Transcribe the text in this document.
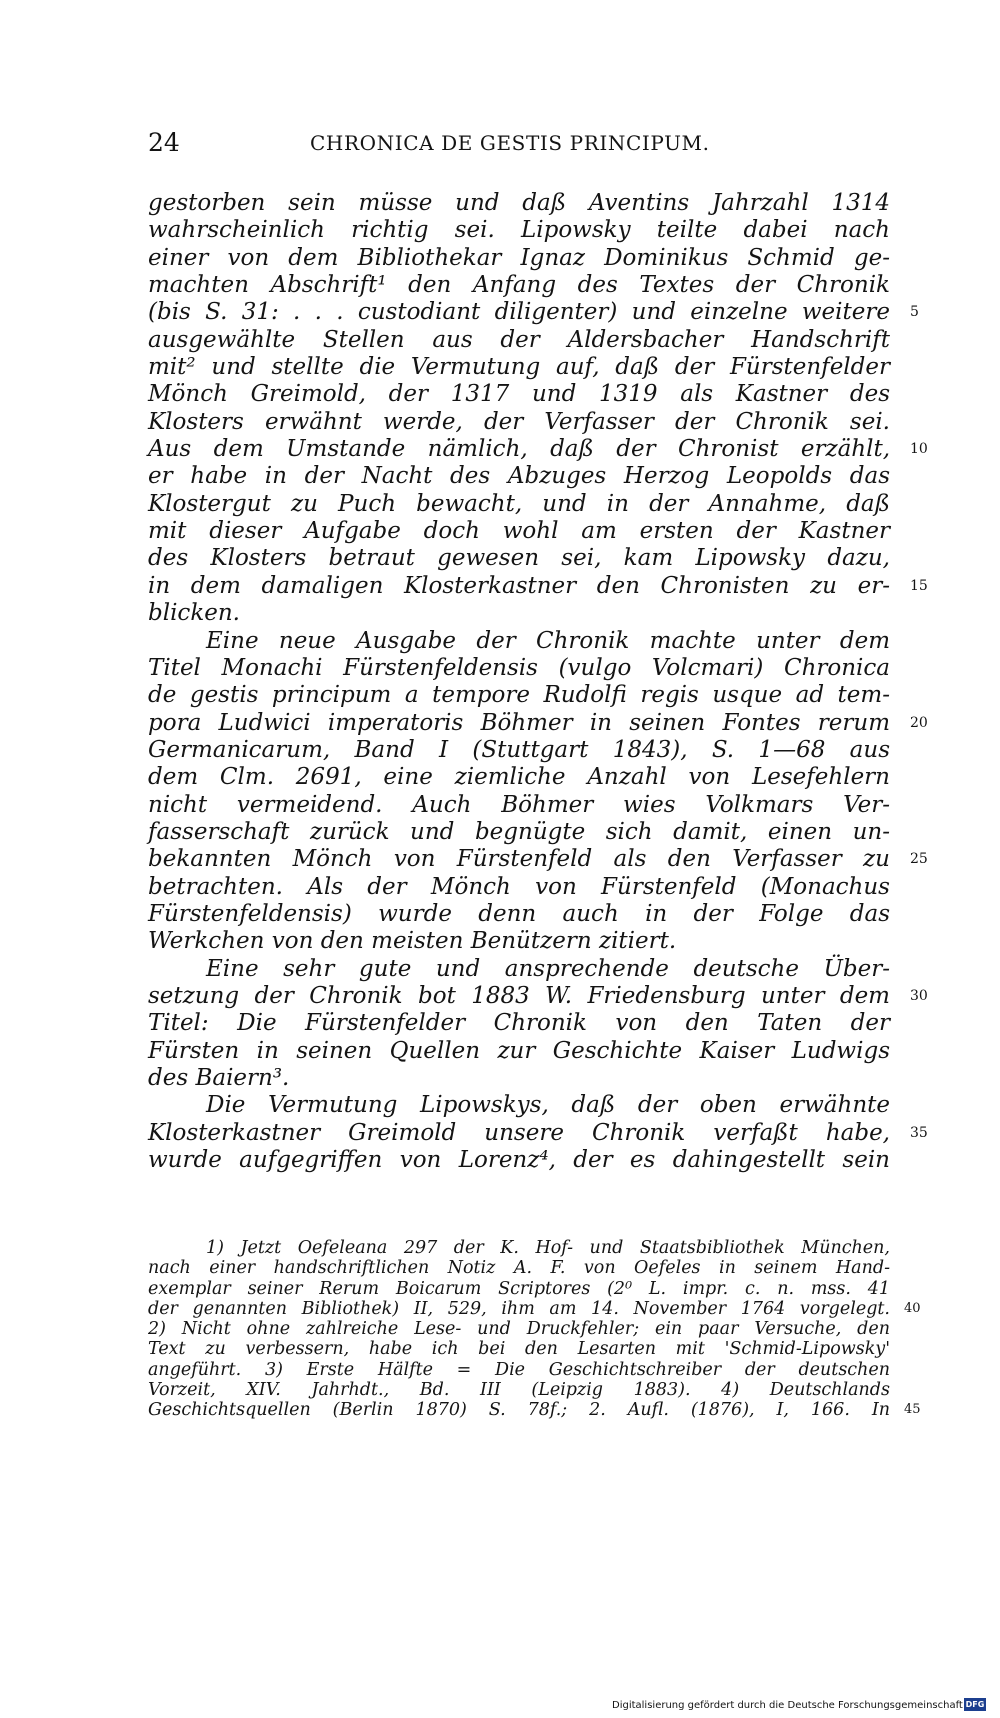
24	CHRONICA DE GESTIS PRINCIPUM.
gestorben sein müsse und daß Aventins Jahrzahl 1314
wahrscheinlich richtig sei. Lipowsky teilte dabei nach
einer von dem Bibliothekar Ignaz Dominikus Schmid ge-
machten Abschrift¹ den Anfang des Textes der Chronik
(bis S. 31: . . . custodiant diligenter) und einzelne weitere 5
ausgewählte Stellen aus der Aldersbacher Handschrift
mit² und stellte die Vermutung auf, daß der Fürstenfelder
Mönch Greimold, der 1317 und 1319 als Kastner des
Klosters erwähnt werde, der Verfasser der Chronik sei.
Aus dem Umstande nämlich, daß der Chronist erzählt, 10
er habe in der Nacht des Abzuges Herzog Leopolds das
Klostergut zu Puch bewacht, und in der Annahme, daß
mit dieser Aufgabe doch wohl am ersten der Kastner
des Klosters betraut gewesen sei, kam Lipowsky dazu,
in dem damaligen Klosterkastner den Chronisten zu er- 15
blicken.
Eine neue Ausgabe der Chronik machte unter dem
Titel Monachi Fürstenfeldensis (vulgo Volcmari) Chronica
de gestis principum a tempore Rudolfi regis usque ad tem-
pora Ludwici imperatoris Böhmer in seinen Fontes rerum 20
Germanicarum, Band I (Stuttgart 1843), S. 1—68 aus
dem Clm. 2691, eine ziemliche Anzahl von Lesefehlern
nicht vermeidend. Auch Böhmer wies Volkmars Ver-
fasserschaft zurück und begnügte sich damit, einen un-
bekannten Mönch von Fürstenfeld als den Verfasser zu 25
betrachten. Als der Mönch von Fürstenfeld (Monachus
Fürstenfeldensis) wurde denn auch in der Folge das
Werkchen von den meisten Benützern zitiert.
Eine sehr gute und ansprechende deutsche Über-
setzung der Chronik bot 1883 W. Friedensburg unter dem 30
Titel: Die Fürstenfelder Chronik von den Taten der
Fürsten in seinen Quellen zur Geschichte Kaiser Ludwigs
des Baiern³.
Die Vermutung Lipowskys, daß der oben erwähnte
Klosterkastner Greimold unsere Chronik verfaßt habe, 35
wurde aufgegriffen von Lorenz⁴, der es dahingestellt sein
1) Jetzt Oefeleana 297 der K. Hof- und Staatsbibliothek München,
nach einer handschriftlichen Notiz A. F. von Oefeles in seinem Hand-
exemplar seiner Rerum Boicarum Scriptores (2⁰ L. impr. c. n. mss. 41
der genannten Bibliothek) II, 529, ihm am 14. November 1764 vorgelegt. 40
2) Nicht ohne zahlreiche Lese- und Druckfehler; ein paar Versuche, den
Text zu verbessern, habe ich bei den Lesarten mit 'Schmid-Lipowsky'
angeführt. 3) Erste Hälfte = Die Geschichtschreiber der deutschen
Vorzeit, XIV. Jahrhdt., Bd. III (Leipzig 1883). 4) Deutschlands
Geschichtsquellen (Berlin 1870) S. 78f.; 2. Aufl. (1876), I, 166. In 45
Digitalisierung gefördert durch die Deutsche Forschungsgemeinschaft DFG
